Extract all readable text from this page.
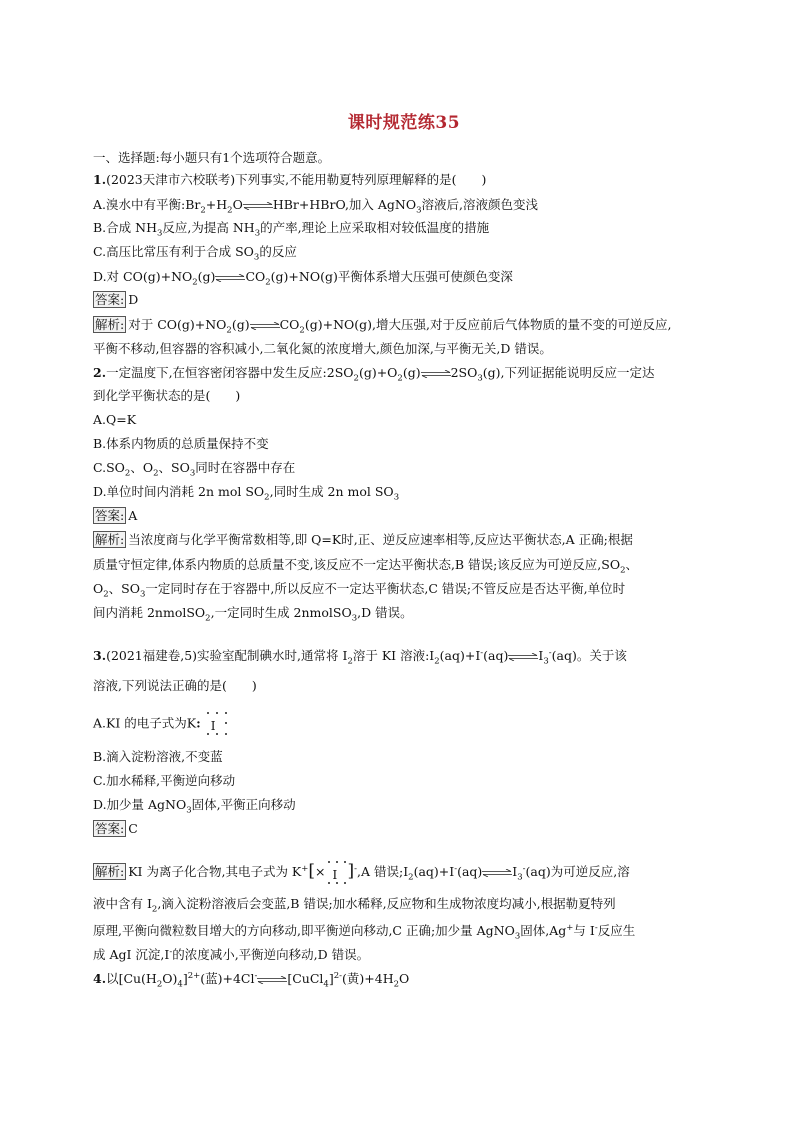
课时规范练35
一、选择题:每小题只有1个选项符合题意。
1.(2023天津市六校联考)下列事实,不能用勒夏特列原理解释的是(　　)
A.溴水中有平衡$:Br_2+H_2O$ HBr+HBrO,加入 AgNO$_3$溶液后,溶液颜色变浅
B.合成 $NH_3$反应,为提高 $NH_3$的产率,理论上应采取相对较低温度的措施
C.高压比常压有利于合成 $SO_3$的反应
D.对 $CO(g)+NO_2(g)$ $CO_2(g)+NO(g)$平衡体系增大压强可使颜色变深
答案: D
解析: 对于 $CO(g)+NO_2(g)$ $CO_2(g)+NO(g)$,增大压强,对于反应前后气体物质的量不变的可逆反应,
平衡不移动,但容器的容积减小,二氧化氮的浓度增大,颜色加深,与平衡无关,D 错误。
2.一定温度下,在恒容密闭容器中发生反应$:2SO_2(g)+O_2(g)$ $2SO_3(g)$,下列证据能说明反应一定达
到化学平衡状态的是(　　)
A.Q=K
B.体系内物质的总质量保持不变
$C.SO_2$、$O_2$、$SO_3$同时在容器中存在
D.单位时间内消耗 2n mol $SO_2$,同时生成 2n mol $SO_3$
答案: A
解析: 当浓度商与化学平衡常数相等,即 Q=K时,正、逆反应速率相等,反应达平衡状态,A 正确;根据
质量守恒定律,体系内物质的总质量不变,该反应不一定达平衡状态,B 错误;该反应为可逆反应$,SO_2$、
$O_2$、$SO_3$一定同时存在于容器中,所以反应不一定达平衡状态,C 错误;不管反应是否达平衡,单位时
间内消耗 2nmolSO$_2$,一定同时生成 2nmolSO$_3$,D 错误。
3.(2021福建卷,5)实验室配制碘水时,通常将 $I_2$溶于 KI 溶液$:I_2(aq)+I^-(aq)$ $I_3^-(aq)$。关于该
溶液,下列说法正确的是(　　)
A.KI 的电子式为K: I
B.滴入淀粉溶液,不变蓝
C.加水稀释,平衡逆向移动
D.加少量 AgNO$_3$固体,平衡正向移动
答案: C
解析: KI 为离子化合物,其电子式为 K+[× I ]-,A 错误$;I_2(aq)+I^-(aq)$ $I_3^-(aq)$为可逆反应,溶
液中含有 $I_2$,滴入淀粉溶液后会变蓝,B 错误;加水稀释,反应物和生成物浓度均减小,根据勒夏特列
原理,平衡向微粒数目增大的方向移动,即平衡逆向移动,C 正确;加少量 AgNO$_3$固体,Ag+与 I-反应生
成 AgI 沉淀,I-的浓度减小,平衡逆向移动,D 错误。
4.以$[Cu(H_2O)_4]^{2+}$(蓝)+4Cl- [CuCl$_4$]$^{2-}$(黄)$+4H_2O$
